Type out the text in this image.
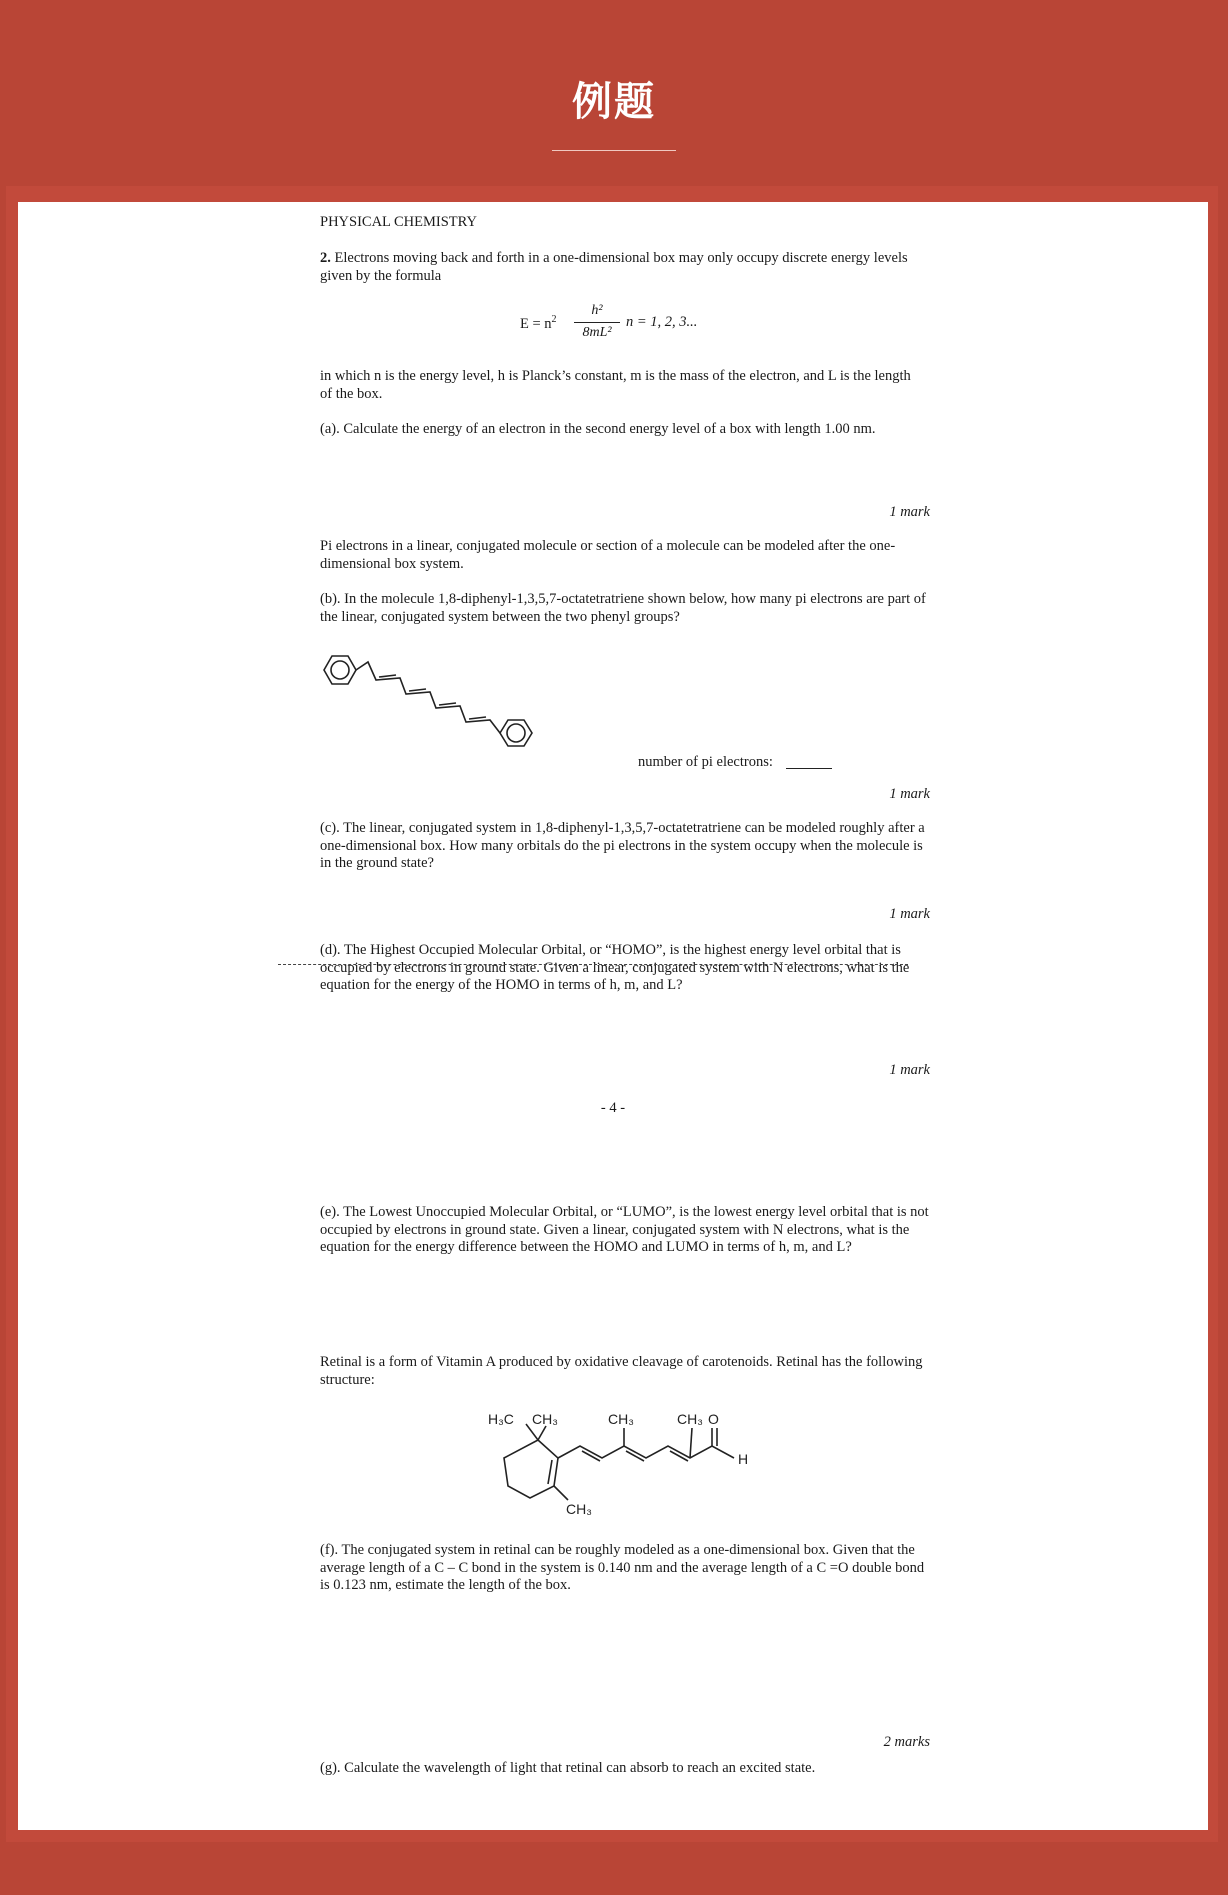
例题

PHYSICAL CHEMISTRY

2. Electrons moving back and forth in a one-dimensional box may only occupy discrete energy levels given by the formula

$E = n^2$
h²
8mL²
n = 1, 2, 3...

in which n is the energy level, h is Planck’s constant, m is the mass of the electron, and L is the length of the box.

(a). Calculate the energy of an electron in the second energy level of a box with length 1.00 nm.

1 mark

Pi electrons in a linear, conjugated molecule or section of a molecule can be modeled after the one-dimensional box system.

(b). In the molecule 1,8-diphenyl-1,3,5,7-octatetratriene shown below, how many pi electrons are part of the linear, conjugated system between the two phenyl groups?

number of pi electrons:
1 mark

(c). The linear, conjugated system in 1,8-diphenyl-1,3,5,7-octatetratriene can be modeled roughly after a one-dimensional box. How many orbitals do the pi electrons in the system occupy when the molecule is in the ground state?

1 mark

(d). The Highest Occupied Molecular Orbital, or “HOMO”, is the highest energy level orbital that is occupied by electrons in ground state. Given a linear, conjugated system with N electrons, what is the equation for the energy of the HOMO in terms of h, m, and L?

1 mark
- 4 -

(e). The Lowest Unoccupied Molecular Orbital, or “LUMO”, is the lowest energy level orbital that is not occupied by electrons in ground state. Given a linear, conjugated system with N electrons, what is the equation for the energy difference between the HOMO and LUMO in terms of h, m, and L?

Retinal is a form of Vitamin A produced by oxidative cleavage of carotenoids. Retinal has the following structure:

H₃C CH₃	CH₃	CH₃ O
H
CH₃

(f). The conjugated system in retinal can be roughly modeled as a one-dimensional box. Given that the average length of a C – C bond in the system is 0.140 nm and the average length of a C =O double bond is 0.123 nm, estimate the length of the box.

2 marks

(g). Calculate the wavelength of light that retinal can absorb to reach an excited state.
